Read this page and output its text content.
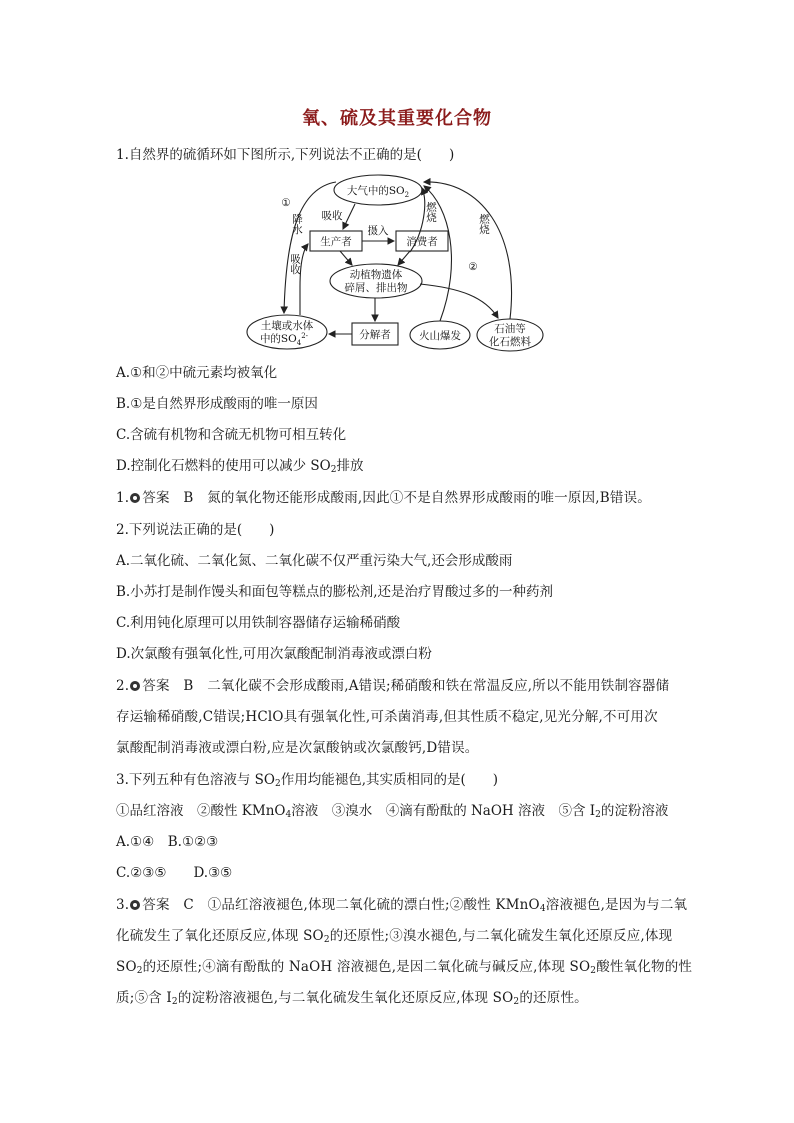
氧、硫及其重要化合物
1.自然界的硫循环如下图所示,下列说法不正确的是(　　)
大气中的$SO_2$
生产者	消费者
动植物遗体
碎屑、排出物
土壤或水体
中的$SO_4^{2-}$	分解者	火山爆发
石油等
化石燃料
①
降水 吸收
摄入
吸收
燃烧
燃烧
②
A.①和②中硫元素均被氧化
B.①是自然界形成酸雨的唯一原因
C.含硫有机物和含硫无机物可相互转化
D.控制化石燃料的使用可以减少 $SO_2$排放
1. 答案　B　氮的氧化物还能形成酸雨,因此①不是自然界形成酸雨的唯一原因,B错误。
2.下列说法正确的是(　　)
A.二氧化硫、二氧化氮、二氧化碳不仅严重污染大气,还会形成酸雨
B.小苏打是制作馒头和面包等糕点的膨松剂,还是治疗胃酸过多的一种药剂
C.利用钝化原理可以用铁制容器储存运输稀硝酸
D.次氯酸有强氧化性,可用次氯酸配制消毒液或漂白粉
2. 答案　B　二氧化碳不会形成酸雨,A错误;稀硝酸和铁在常温反应,所以不能用铁制容器储
存运输稀硝酸,C错误;HClO具有强氧化性,可杀菌消毒,但其性质不稳定,见光分解,不可用次
氯酸配制消毒液或漂白粉,应是次氯酸钠或次氯酸钙,D错误。
3.下列五种有色溶液与 $SO_2$作用均能褪色,其实质相同的是(　　)
①品红溶液　②酸性 KMnO$_4$溶液　③溴水　④滴有酚酞的 NaOH 溶液　⑤含 $I_2$的淀粉溶液
A.①④　B.①②③
C.②③⑤　　D.③⑤
3. 答案　C　①品红溶液褪色,体现二氧化硫的漂白性;②酸性 KMnO$_4$溶液褪色,是因为与二氧
化硫发生了氧化还原反应,体现 $SO_2$的还原性;③溴水褪色,与二氧化硫发生氧化还原反应,体现
$SO_2$的还原性;④滴有酚酞的 NaOH 溶液褪色,是因二氧化硫与碱反应,体现 $SO_2$酸性氧化物的性
质;⑤含 $I_2$的淀粉溶液褪色,与二氧化硫发生氧化还原反应,体现 $SO_2$的还原性。
